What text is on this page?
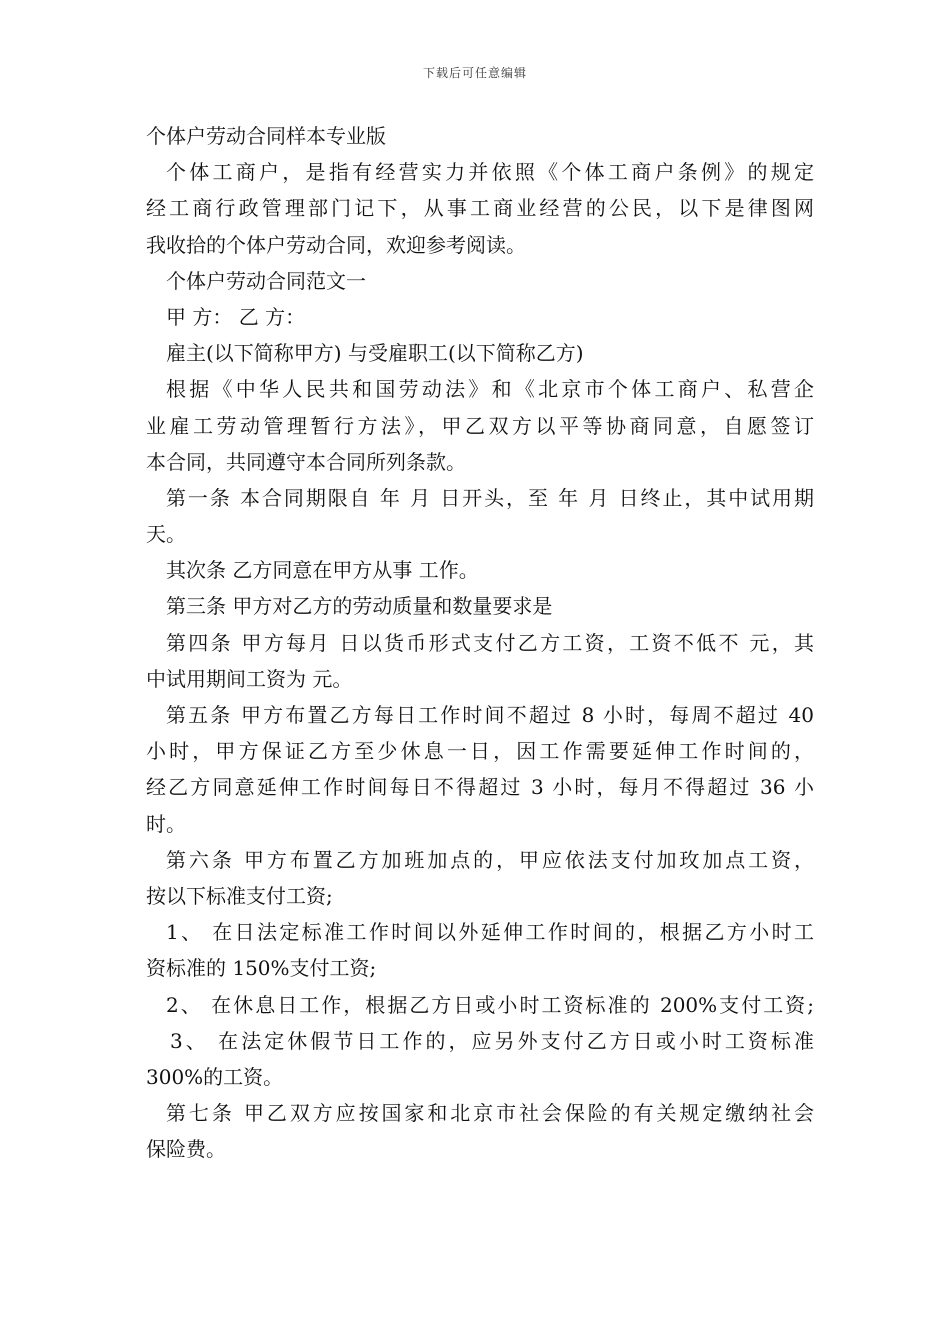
下载后可任意编辑
个体户劳动合同样本专业版
个体工商户，是指有经营实力并依照《个体工商户条例》的规定
经工商行政管理部门记下，从事工商业经营的公民，以下是律图网
我收拾的个体户劳动合同，欢迎参考阅读。
个体户劳动合同范文一
甲 方： 乙 方：
雇主(以下简称甲方) 与受雇职工(以下简称乙方)
根据《中华人民共和国劳动法》和《北京市个体工商户、私营企
业雇工劳动管理暂行方法》，甲乙双方以平等协商同意，自愿签订
本合同，共同遵守本合同所列条款。
第一条 本合同期限自 年 月 日开头，至 年 月 日终止，其中试用期
天。
其次条 乙方同意在甲方从事 工作。
第三条 甲方对乙方的劳动质量和数量要求是
第四条 甲方每月 日以货币形式支付乙方工资，工资不低不 元，其
中试用期间工资为 元。
第五条 甲方布置乙方每日工作时间不超过 8 小时，每周不超过 40
小时，甲方保证乙方至少休息一日，因工作需要延伸工作时间的，
经乙方同意延伸工作时间每日不得超过 3 小时，每月不得超过 36 小
时。
第六条 甲方布置乙方加班加点的，甲应依法支付加玫加点工资，
按以下标准支付工资;
1、 在日法定标准工作时间以外延伸工作时间的，根据乙方小时工
资标准的 150%支付工资;
2、 在休息日工作，根据乙方日或小时工资标准的 200%支付工资;
3、 在法定休假节日工作的，应另外支付乙方日或小时工资标准
300%的工资。
第七条 甲乙双方应按国家和北京市社会保险的有关规定缴纳社会
保险费。
